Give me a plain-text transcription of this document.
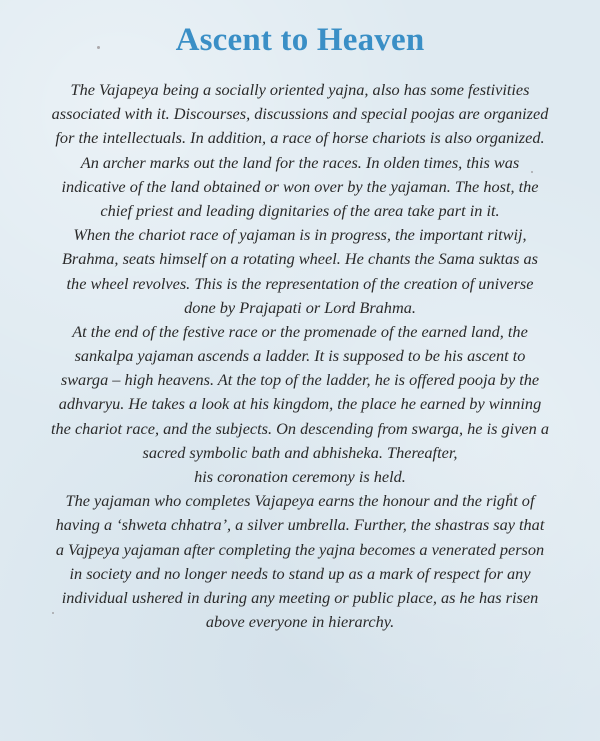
Ascent to Heaven
The Vajapeya being a socially oriented yajna, also has some festivities
associated with it. Discourses, discussions and special poojas are organized
for the intellectuals. In addition, a race of horse chariots is also organized.
An archer marks out the land for the races. In olden times, this was
indicative of the land obtained or won over by the yajaman. The host, the
chief priest and leading dignitaries of the area take part in it.
When the chariot race of yajaman is in progress, the important ritwij,
Brahma, seats himself on a rotating wheel. He chants the Sama suktas as
the wheel revolves. This is the representation of the creation of universe
done by Prajapati or Lord Brahma.
At the end of the festive race or the promenade of the earned land, the
sankalpa yajaman ascends a ladder. It is supposed to be his ascent to
swarga – high heavens. At the top of the ladder, he is offered pooja by the
adhvaryu. He takes a look at his kingdom, the place he earned by winning
the chariot race, and the subjects. On descending from swarga, he is given a
sacred symbolic bath and abhisheka. Thereafter,
his coronation ceremony is held.
The yajaman who completes Vajapeya earns the honour and the right of
having a ‘shweta chhatra’, a silver umbrella. Further, the shastras say that
a Vajpeya yajaman after completing the yajna becomes a venerated person
in society and no longer needs to stand up as a mark of respect for any
individual ushered in during any meeting or public place, as he has risen
above everyone in hierarchy.
